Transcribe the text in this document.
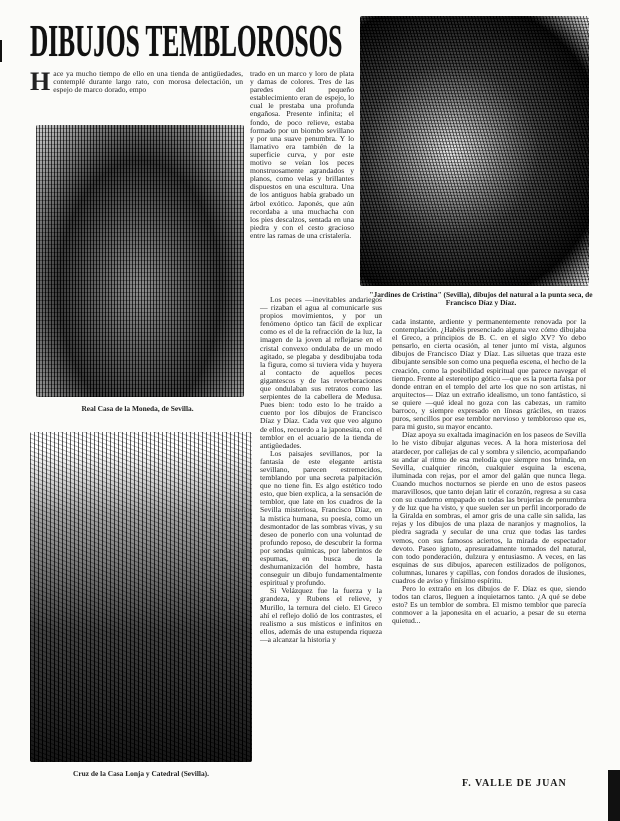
DIBUJOS TEMBLOROSOS

Hace ya mucho tiempo de ello en una tienda de antigüedades, contemplé durante largo rato, con morosa delectación, un espejo de marco dorado, empo

trado en un marco y loro de plata y damas de colores. Tres de las paredes del pequeño establecimiento eran de espejo, lo cual le prestaba una profunda engañosa. Presente infinita; el fondo, de poco relieve, estaba formado por un biombo sevillano y por una suave penumbra. Y lo llamativo era también de la superficie curva, y por este motivo se veían los peces monstruosamente agrandados y planos, como velas y brillantes dispuestos en una escultura. Una de los antiguos había grabado un árbol exótico. Japonés, que aún recordaba a una muchacha con los pies descalzos, sentada en una piedra y con el cesto gracioso entre las ramas de una cristalería.

Real Casa de la Moneda, de Sevilla.
"Jardines de Cristina" (Sevilla), dibujos del natural a la punta seca, de Francisco Díaz y Díaz.
Cruz de la Casa Lonja y Catedral (Sevilla).

Los peces —inevitables andariegos— rizaban el agua al comunicarle sus propios movimientos, y por un fenómeno óptico tan fácil de explicar como es el de la refracción de la luz, la imagen de la joven al reflejarse en el cristal convexo ondulaba de un modo agitado, se plegaba y desdibujaba toda la figura, como si tuviera vida y huyera al contacto de aquellos peces gigantescos y de las reverberaciones que ondulaban sus retratos como las serpientes de la cabellera de Medusa. Pues bien: todo esto lo he traído a cuento por los dibujos de Francisco Díaz y Díaz. Cada vez que veo alguno de ellos, recuerdo a la japonesita, con el temblor en el acuario de la tienda de antigüedades.

Los paisajes sevillanos, por la fantasía de este elegante artista sevillano, parecen estremecidos, temblando por una secreta palpitación que no tiene fin. Es algo estético todo esto, que bien explica, a la sensación de temblor, que late en los cuadros de la Sevilla misteriosa, Francisco Díaz, en la mística humana, su poesía, como un desmontador de las sombras vivas, y su deseo de ponerlo con una voluntad de profundo reposo, de descubrir la forma por sendas químicas, por laberintos de espumas, en busca de la deshumanización del hombre, hasta conseguir un dibujo fundamentalmente espiritual y profundo.

Si Velázquez fue la fuerza y la grandeza, y Rubens el relieve, y Murillo, la ternura del cielo. El Greco ahí el reflejo dolió de los contrastes, el realismo a sus místicos e infinitos en ellos, además de una estupenda riqueza —a alcanzar la historia y

cada instante, ardiente y permanentemente renovada por la contemplación. ¿Habéis presenciado alguna vez cómo dibujaba el Greco, a principios de B. C. en el siglo XV? Yo debo pensarlo, en cierta ocasión, al tener junto mí vista, algunos dibujos de Francisco Díaz y Díaz. Las siluetas que traza este dibujante sensible son como una pequeña escena, el hecho de la creación, como la posibilidad espiritual que parece navegar el tiempo. Frente al estereotipo gótico —que es la puerta falsa por donde entran en el templo del arte los que no son artistas, ni arquitectos— Díaz un extraño idealismo, un tono fantástico, si se quiere —qué ideal no goza con las cabezas, un ramito barroco, y siempre expresado en líneas gráciles, en trazos puros, sencillos por ese temblor nervioso y tembloroso que es, para mi gusto, su mayor encanto.

Díaz apoya su exaltada imaginación en los paseos de Sevilla lo he visto dibujar algunas veces. A la hora misteriosa del atardecer, por callejas de cal y sombra y silencio, acompañando su andar al ritmo de esa melodía que siempre nos brinda, en Sevilla, cualquier rincón, cualquier esquina la escena, iluminada con rejas, por el amor del galán que nunca llega. Cuando muchos nocturnos se pierde en uno de estos paseos maravillosos, que tanto dejan latir el corazón, regresa a su casa con su cuaderno empapado en todas las brujerías de penumbra y de luz que ha visto, y que suelen ser un perfil incorporado de la Giralda en sombras, el amor gris de una calle sin salida, las rejas y los dibujos de una plaza de naranjos y magnolios, la piedra sagrada y secular de una cruz que todas las tardes vemos, con sus famosos aciertos, la mirada de espectador devoto. Paseo ignoto, apresuradamente tomados del natural, con todo ponderación, dulzura y entusiasmo. A veces, en las esquinas de sus dibujos, aparecen estilizados de polígonos, columnas, lunares y capillas, con fondos dorados de ilusiones, cuadros de aviso y finísimo espíritu.

Pero lo extraño en los dibujos de F. Díaz es que, siendo todos tan claros, lleguen a inquietarnos tanto. ¿A qué se debe esto? Es un temblor de sombra. El mismo temblor que parecía conmover a la japonesita en el acuario, a pesar de su eterna quietud...

F. VALLE DE JUAN
